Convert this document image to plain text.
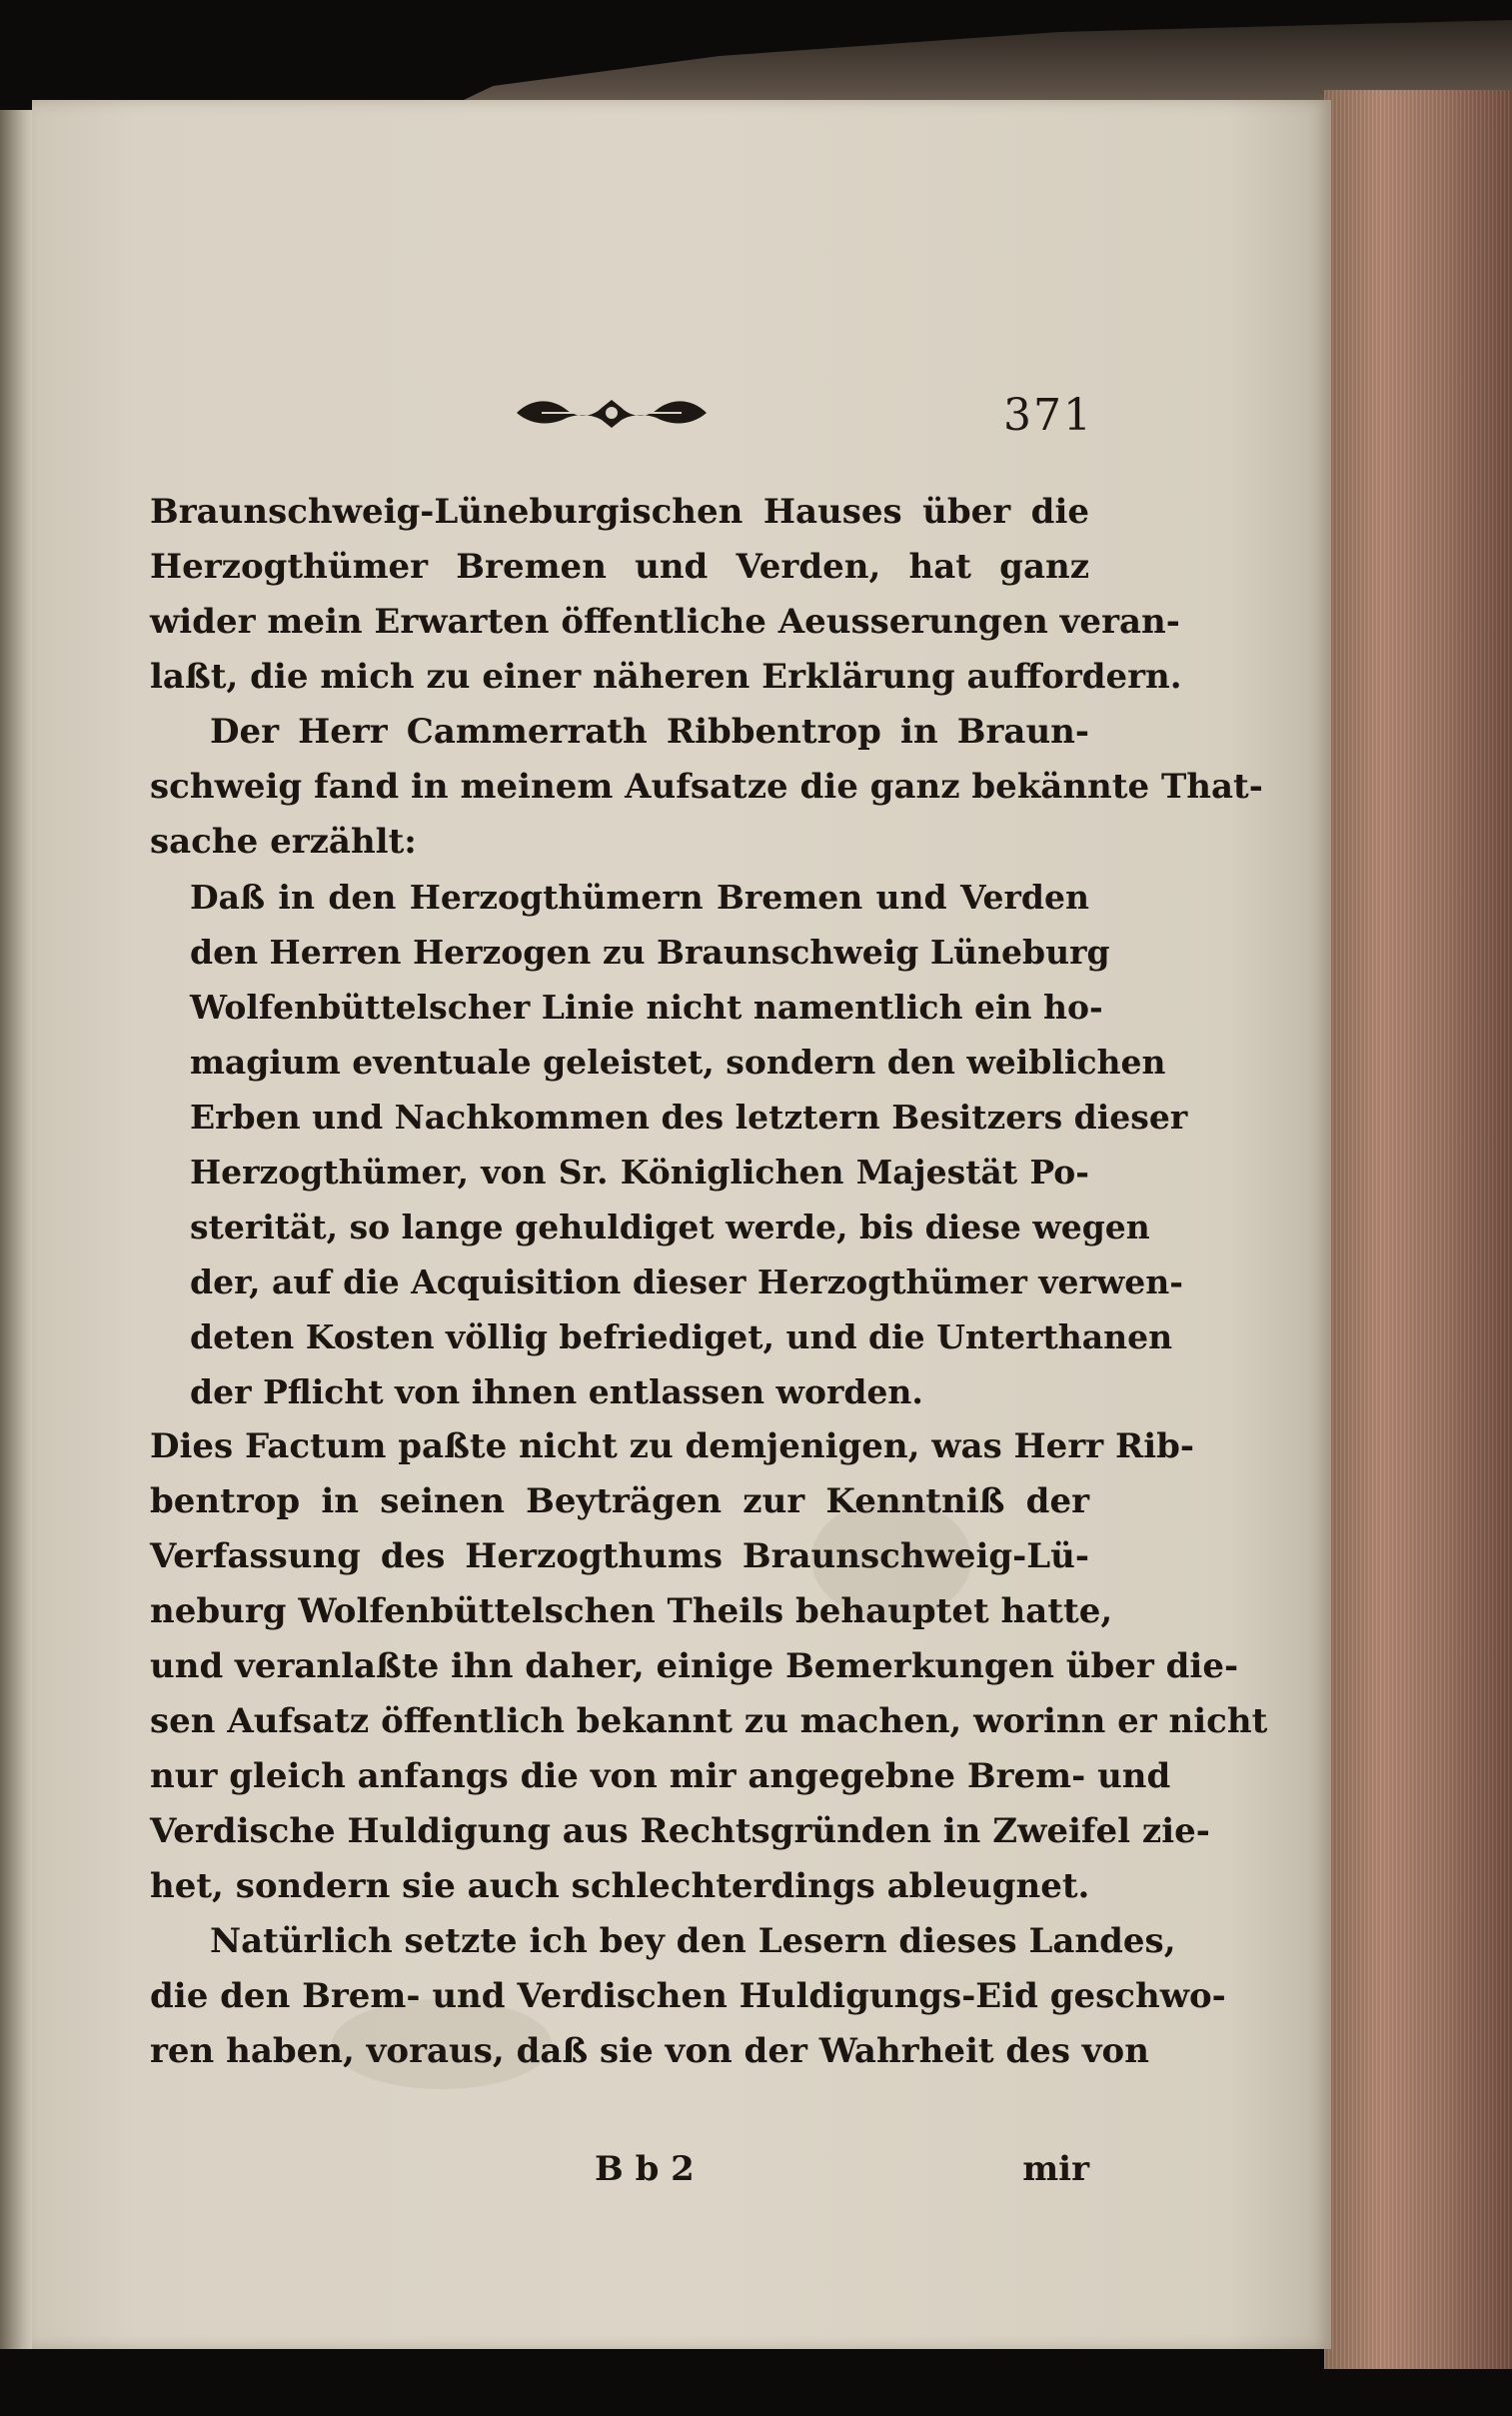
371
Braunschweig-Lüneburgischen Hauses über die
Herzogthümer Bremen und Verden, hat ganz
wider mein Erwarten öffentliche Aeusserungen veran-
laßt, die mich zu einer näheren Erklärung auffordern.
Der Herr Cammerrath Ribbentrop in Braun-
schweig fand in meinem Aufsatze die ganz bekännte That-
sache erzählt:
Daß in den Herzogthümern Bremen und Verden
den Herren Herzogen zu Braunschweig Lüneburg
Wolfenbüttelscher Linie nicht namentlich ein ho-
magium eventuale geleistet, sondern den weiblichen
Erben und Nachkommen des letztern Besitzers dieser
Herzogthümer, von Sr. Königlichen Majestät Po-
sterität, so lange gehuldiget werde, bis diese wegen
der, auf die Acquisition dieser Herzogthümer verwen-
deten Kosten völlig befriediget, und die Unterthanen
der Pflicht von ihnen entlassen worden.
Dies Factum paßte nicht zu demjenigen, was Herr Rib-
bentrop in seinen Beyträgen zur Kenntniß der
Verfassung des Herzogthums Braunschweig-Lü-
neburg Wolfenbüttelschen Theils behauptet hatte,
und veranlaßte ihn daher, einige Bemerkungen über die-
sen Aufsatz öffentlich bekannt zu machen, worinn er nicht
nur gleich anfangs die von mir angegebne Brem- und
Verdische Huldigung aus Rechtsgründen in Zweifel zie-
het, sondern sie auch schlechterdings ableugnet.
Natürlich setzte ich bey den Lesern dieses Landes,
die den Brem- und Verdischen Huldigungs-Eid geschwo-
ren haben, voraus, daß sie von der Wahrheit des von
B b 2	mir
